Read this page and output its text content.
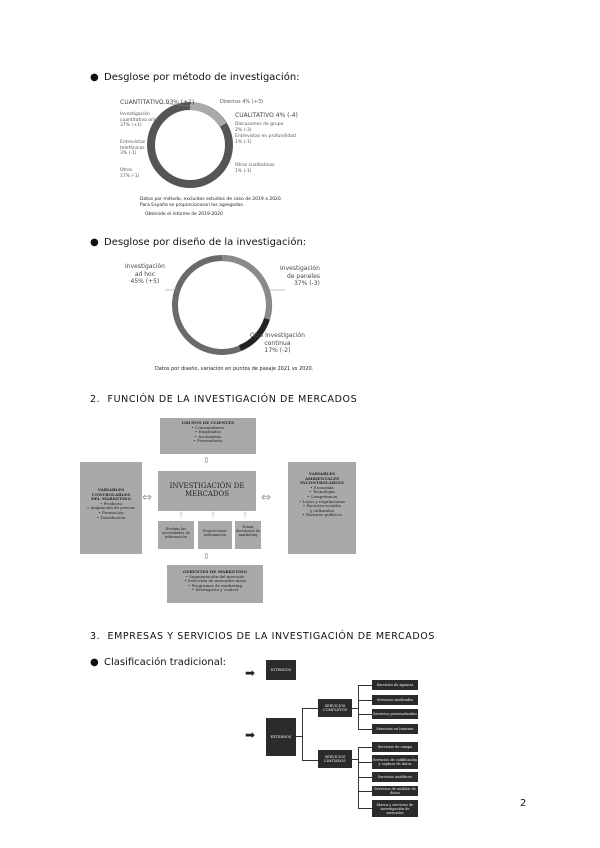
● Desglose por método de investigación:
CUANTITATIVO 93% (+1)	Directos 4% (+3)
CUALITATIVO 4% (-4)
Investigación
cuantitativa online
37% (+1)
Entrevistas
telefónicas
3% (-1)
Otros
17% (-1)
Discusiones de grupo
2% (-3)
Entrevistas en profundidad
1% (-1)
Otros cualitativos
1% (-1)
Datos por método, excluidos estudios de caso de 2019 a 2020.
Para España se proporcionaron los agregados.
Obtenido el informe de 2019-2020
● Desglose por diseño de la investigación:
Investigación
ad hoc
45% (+5)
Investigación
de paneles
37% (-3)
Otra investigación
continua
17% (-2)
Datos por diseño, variación en puntos de pasaje 2021 vs 2020.
2. FUNCIÓN DE LA INVESTIGACIÓN DE MERCADOS
GRUPOS DE CLIENTES
• Consumidores
• Empleados
• Accionistas
• Proveedores
⇕
VARIABLES
CONTROLABLES
DEL MARKETING
• Producto
• Asignación de precios
• Promoción
• Distribución
⇔
INVESTIGACIÓN DE
MERCADOS	⇔
VARIABLES
AMBIENTALES
INCONTROLABLES
• Economía
• Tecnología
• Competencia
• Leyes y regulaciones
• Factores sociales
y culturales
• Factores políticos
⇧	⇧	⇧
Evaluar las
necesidades de
información
Proporcionar
información
Tomar
decisiones de
marketing
⇕
GERENTES DE MARKETING
• Segmentación del mercado
• Selección de mercados meta
• Programas de marketing
• Desempeño y control
3. EMPRESAS Y SERVICIOS DE LA INVESTIGACIÓN DE MERCADOS
● Clasificación tradicional:
➡	INTERNOS
➡	EXTERNOS
SERVICIOS
COMPLETOS
SERVICIOS
LIMITADOS
Servicios de agencia
Servicios sindicados
Servicios personalizados
Servicios en Internet
Servicios de campo
Servicios de codificación y captura de datos
Servicios analíticos
Servicios de análisis de datos
Marca y servicios de investigación de mercados
2
